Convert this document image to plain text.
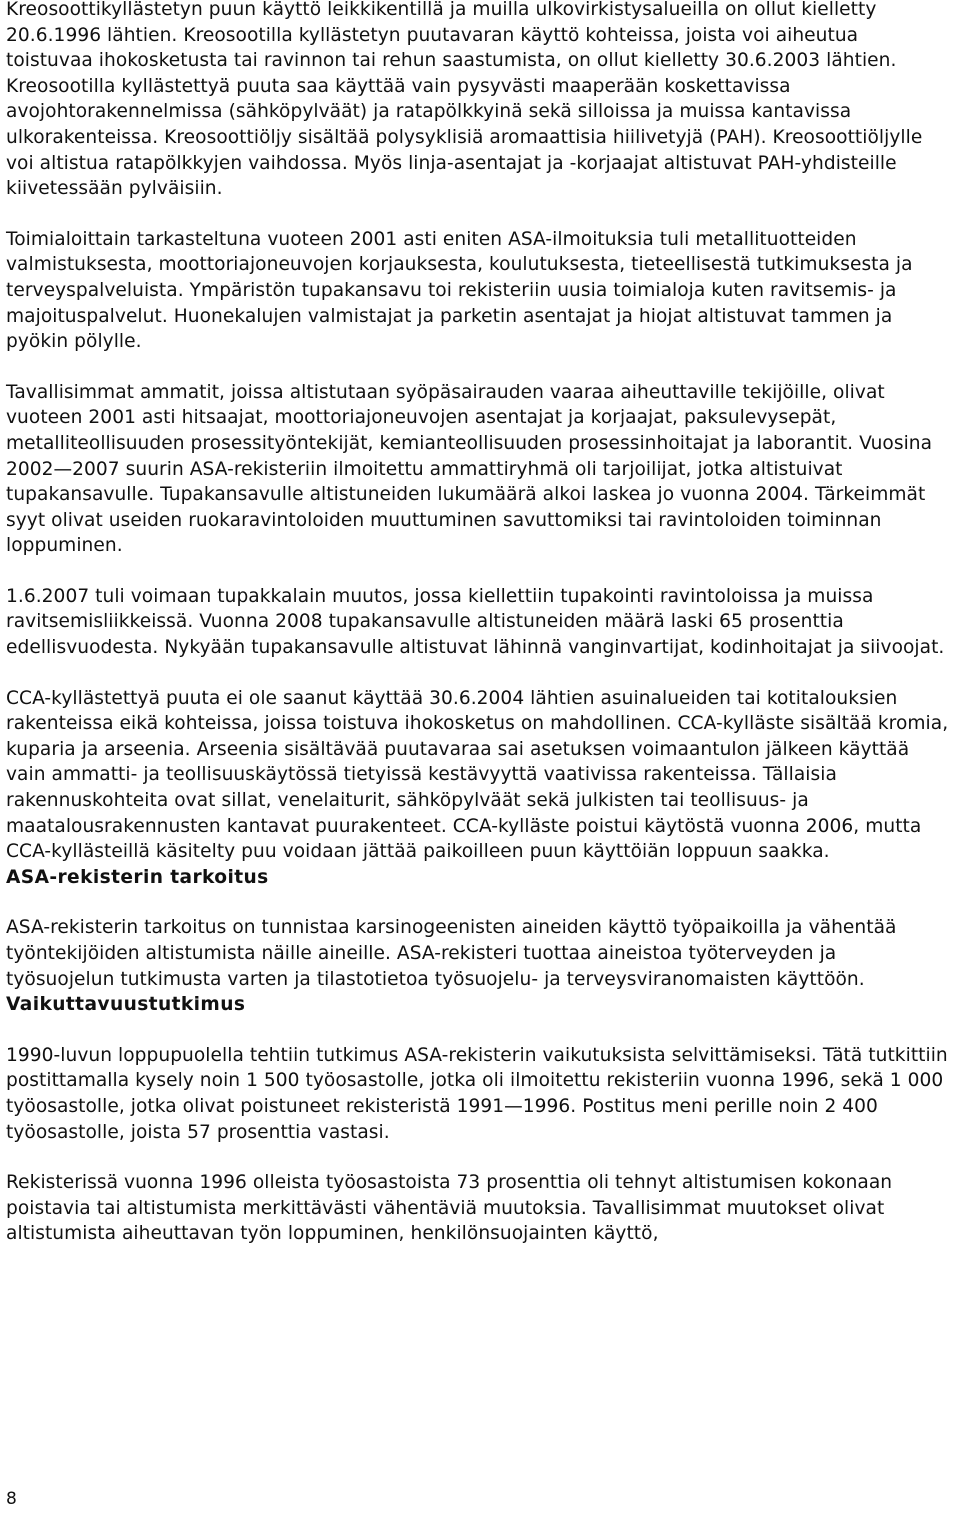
Kreosoottikyllästetyn puun käyttö leikkikentillä ja muilla ulkovirkistysalueilla on ollut kielletty 20.6.1996 lähtien. Kreosootilla kyllästetyn puutavaran käyttö kohteissa, joista voi aiheutua toistuvaa ihokosketusta tai ravinnon tai rehun saastumista, on ollut kielletty 30.6.2003 lähtien. Kreosootilla kyllästettyä puuta saa käyttää vain pysyvästi maaperään koskettavissa avojohtorakennelmissa (sähköpylväät) ja ratapölkkyinä sekä silloissa ja muissa kantavissa ulkorakenteissa. Kreosoottiöljy sisältää polysyklisiä aromaattisia hiilivetyjä (PAH). Kreosoottiöljylle voi altistua ratapölkkyjen vaihdossa. Myös linja-asentajat ja -korjaajat altistuvat PAH-yhdisteille kiivetessään pylväisiin.

Toimialoittain tarkasteltuna vuoteen 2001 asti eniten ASA-ilmoituksia tuli metallituotteiden valmistuksesta, moottoriajoneuvojen korjauksesta, koulutuksesta, tieteellisestä tutkimuksesta ja terveyspalveluista. Ympäristön tupakansavu toi rekisteriin uusia toimialoja kuten ravitsemis- ja majoituspalvelut. Huonekalujen valmistajat ja parketin asentajat ja hiojat altistuvat tammen ja pyökin pölylle.

Tavallisimmat ammatit, joissa altistutaan syöpäsairauden vaaraa aiheuttaville tekijöille, olivat vuoteen 2001 asti hitsaajat, moottoriajoneuvojen asentajat ja korjaajat, paksulevysepät, metalliteollisuuden prosessityöntekijät, kemianteollisuuden prosessinhoitajat ja laborantit. Vuosina 2002—2007 suurin ASA-rekisteriin ilmoitettu ammattiryhmä oli tarjoilijat, jotka altistuivat tupakansavulle. Tupakansavulle altistuneiden lukumäärä alkoi laskea jo vuonna 2004. Tärkeimmät syyt olivat useiden ruokaravintoloiden muuttuminen savuttomiksi tai ravintoloiden toiminnan loppuminen.

1.6.2007 tuli voimaan tupakkalain muutos, jossa kiellettiin tupakointi ravintoloissa ja muissa ravitsemisliikkeissä. Vuonna 2008 tupakansavulle altistuneiden määrä laski 65 prosenttia edellisvuodesta. Nykyään tupakansavulle altistuvat lähinnä vanginvartijat, kodinhoitajat ja siivoojat.

CCA-kyllästettyä puuta ei ole saanut käyttää 30.6.2004 lähtien asuinalueiden tai kotitalouksien rakenteissa eikä kohteissa, joissa toistuva ihokosketus on mahdollinen. CCA-kylläste sisältää kromia, kuparia ja arseenia. Arseenia sisältävää puutavaraa sai asetuksen voimaantulon jälkeen käyttää vain ammatti- ja teollisuuskäytössä tietyissä kestävyyttä vaativissa rakenteissa. Tällaisia rakennuskohteita ovat sillat, venelaiturit, sähköpylväät sekä julkisten tai teollisuus- ja maatalousrakennusten kantavat puurakenteet. CCA-kylläste poistui käytöstä vuonna 2006, mutta CCA-kyllästeillä käsitelty puu voidaan jättää paikoilleen puun käyttöiän loppuun saakka.

ASA-rekisterin tarkoitus

ASA-rekisterin tarkoitus on tunnistaa karsinogeenisten aineiden käyttö työpaikoilla ja vähentää työntekijöiden altistumista näille aineille. ASA-rekisteri tuottaa aineistoa työterveyden ja työsuojelun tutkimusta varten ja tilastotietoa työsuojelu- ja terveysviranomaisten käyttöön.

Vaikuttavuustutkimus

1990-luvun loppupuolella tehtiin tutkimus ASA-rekisterin vaikutuksista selvittämiseksi. Tätä tutkittiin postittamalla kysely noin 1 500 työosastolle, jotka oli ilmoitettu rekisteriin vuonna 1996, sekä 1 000 työosastolle, jotka olivat poistuneet rekisteristä 1991—1996. Postitus meni perille noin 2 400 työosastolle, joista 57 prosenttia vastasi.

Rekisterissä vuonna 1996 olleista työosastoista 73 prosenttia oli tehnyt altistumisen kokonaan poistavia tai altistumista merkittävästi vähentäviä muutoksia. Tavallisimmat muutokset olivat altistumista aiheuttavan työn loppuminen, henkilönsuojainten käyttö,

8
